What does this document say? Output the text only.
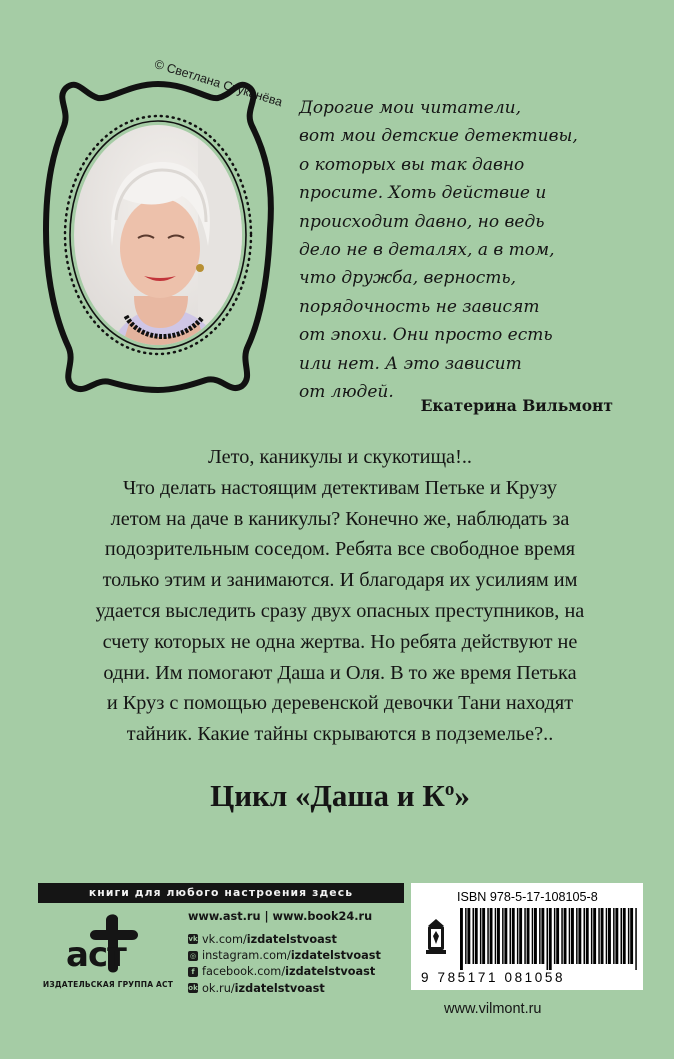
© Светлана Стуканёва Дорогие мои читатели,
вот мои детские детективы,
о которых вы так давно
просите. Хоть действие и
происходит давно, но ведь
дело не в деталях, а в том,
что дружба, верность,
порядочность не зависят
от эпохи. Они просто есть
или нет. А это зависит
от людей.
Екатерина Вильмонт
Лето, каникулы и скукотища!..
Что делать настоящим детективам Петьке и Крузу
летом на даче в каникулы? Конечно же, наблюдать за
подозрительным соседом. Ребята все свободное время
только этим и занимаются. И благодаря их усилиям им
удается выследить сразу двух опасных преступников, на
счету которых не одна жертва. Но ребята действуют не
одни. Им помогают Даша и Оля. В то же время Петька
и Круз с помощью деревенской девочки Тани находят
тайник. Какие тайны скрываются в подземелье?..
Цикл «Даша и $К^о$»
книги для любого настроения здесь
аст
ИЗДАТЕЛЬСКАЯ ГРУППА АСТ
www.ast.ru | www.book24.ru
vk vk.com/ izdatelstvoast
◎ instagram.com/ izdatelstvoast
f facebook.com/ izdatelstvoast
ok ok.ru/ izdatelstvoast
ISBN 978-5-17-108105-8
9 785171 081058
www.vilmont.ru
